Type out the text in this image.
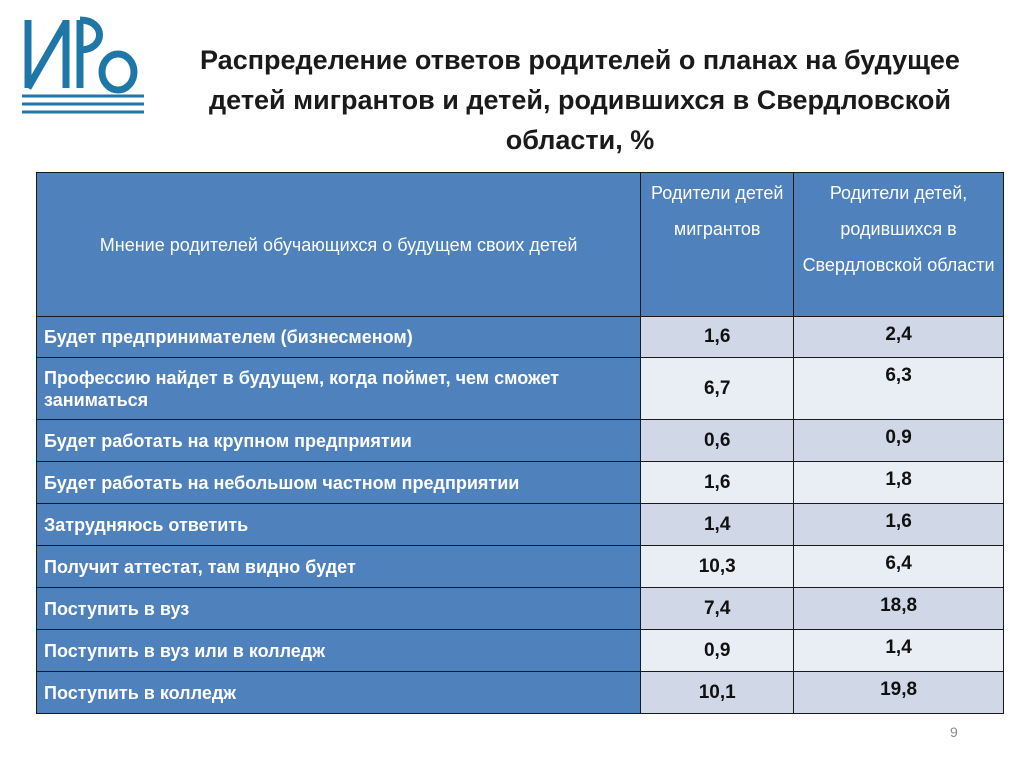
Распределение ответов родителей о планах на будущее детей мигрантов и детей, родившихся в Свердловской области, %
Мнение родителей обучающихся о будущем своих детей	Родители детей мигрантов	Родители детей, родившихся в Свердловской области
Будет предпринимателем (бизнесменом)	1,6	2,4
Профессию найдет в будущем, когда поймет, чем сможет заниматься	6,7	6,3
Будет работать на крупном предприятии	0,6	0,9
Будет работать на небольшом частном предприятии	1,6	1,8
Затрудняюсь ответить	1,4	1,6
Получит аттестат, там видно будет	10,3	6,4
Поступить в вуз	7,4	18,8
Поступить в вуз или в колледж	0,9	1,4
Поступить в колледж	10,1	19,8
9
